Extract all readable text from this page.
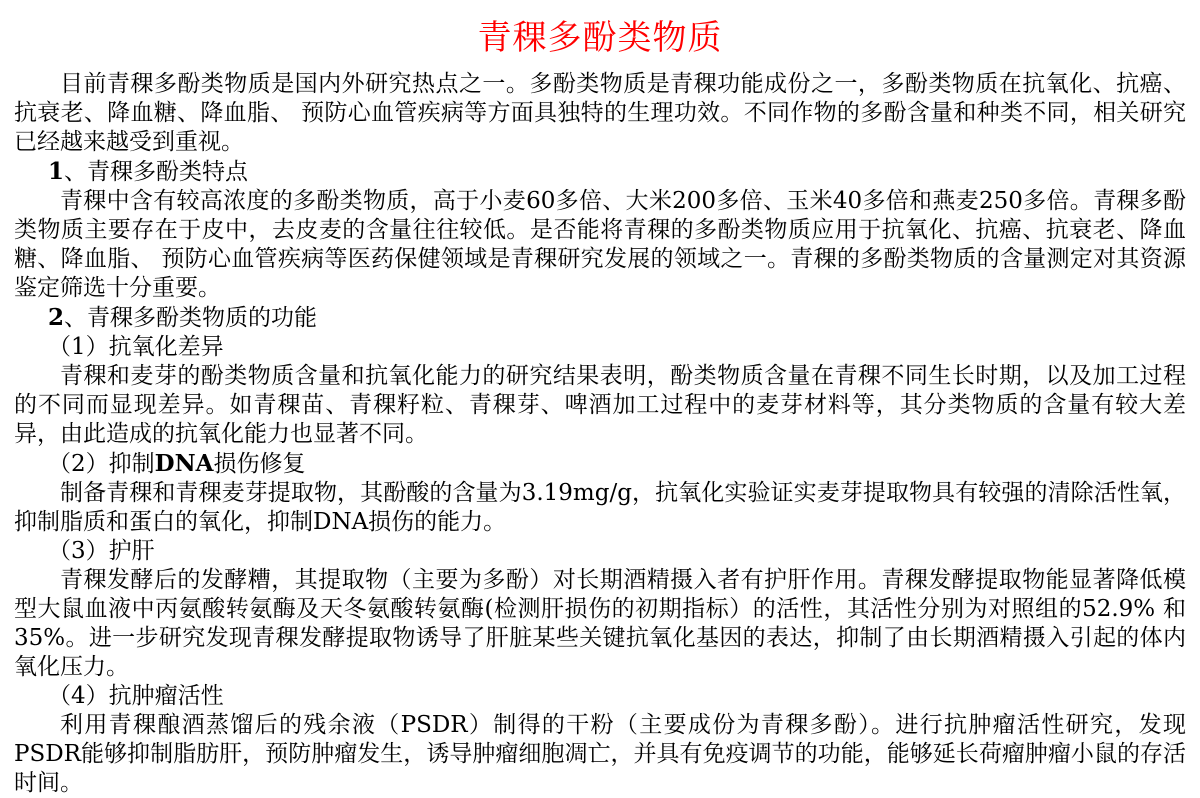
青稞多酚类物质

目前青稞多酚类物质是国内外研究热点之一。多酚类物质是青稞功能成份之一，多酚类物质在抗氧化、抗癌、抗衰老、降血糖、降血脂、 预防心血管疾病等方面具独特的生理功效。不同作物的多酚含量和种类不同，相关研究已经越来越受到重视。

1、青稞多酚类特点

青稞中含有较高浓度的多酚类物质，高于小麦60多倍、大米200多倍、玉米40多倍和燕麦250多倍。青稞多酚类物质主要存在于皮中，去皮麦的含量往往较低。是否能将青稞的多酚类物质应用于抗氧化、抗癌、抗衰老、降血糖、降血脂、 预防心血管疾病等医药保健领域是青稞研究发展的领域之一。青稞的多酚类物质的含量测定对其资源鉴定筛选十分重要。

2、青稞多酚类物质的功能

（1）抗氧化差异

青稞和麦芽的酚类物质含量和抗氧化能力的研究结果表明，酚类物质含量在青稞不同生长时期，以及加工过程的不同而显现差异。如青稞苗、青稞籽粒、青稞芽、啤酒加工过程中的麦芽材料等，其分类物质的含量有较大差异，由此造成的抗氧化能力也显著不同。

（2）抑制DNA损伤修复

制备青稞和青稞麦芽提取物，其酚酸的含量为3.19mg/g，抗氧化实验证实麦芽提取物具有较强的清除活性氧，抑制脂质和蛋白的氧化，抑制DNA损伤的能力。

（3）护肝

青稞发酵后的发酵糟，其提取物（主要为多酚）对长期酒精摄入者有护肝作用。青稞发酵提取物能显著降低模型大鼠血液中丙氨酸转氨酶及天冬氨酸转氨酶(检测肝损伤的初期指标）的活性，其活性分别为对照组的52.9% 和 35%。进一步研究发现青稞发酵提取物诱导了肝脏某些关键抗氧化基因的表达，抑制了由长期酒精摄入引起的体内氧化压力。

（4）抗肿瘤活性

利用青稞酿酒蒸馏后的残余液（PSDR）制得的干粉（主要成份为青稞多酚）。进行抗肿瘤活性研究，发现PSDR能够抑制脂肪肝，预防肿瘤发生，诱导肿瘤细胞凋亡，并具有免疫调节的功能，能够延长荷瘤肿瘤小鼠的存活时间。
